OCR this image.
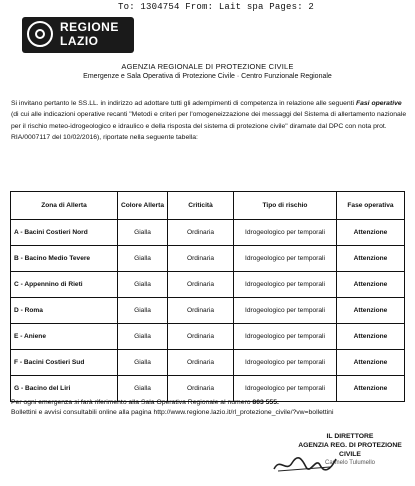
To: 1304754 From: Lait spa Pages: 2
REGIONE
LAZIO
AGENZIA REGIONALE DI PROTEZIONE CIVILE
Emergenze e Sala Operativa di Protezione Civile · Centro Funzionale Regionale
Si invitano pertanto le SS.LL. in indirizzo ad adottare tutti gli adempimenti di competenza in relazione alle seguenti Fasi operative (di cui alle indicazioni operative recanti "Metodi e criteri per l'omogeneizzazione dei messaggi del Sistema di allertamento nazionale per il rischio meteo-idrogeologico e idraulico e della risposta del sistema di protezione civile" diramate dal DPC con nota prot. RIA/0007117 del 10/02/2016), riportate nella seguente tabella:
Zona di Allerta	Colore Allerta	Criticità	Tipo di rischio	Fase operativa
A - Bacini Costieri Nord	Gialla	Ordinaria	Idrogeologico per temporali	Attenzione
B - Bacino Medio Tevere	Gialla	Ordinaria	Idrogeologico per temporali	Attenzione
C - Appennino di Rieti	Gialla	Ordinaria	Idrogeologico per temporali	Attenzione
D - Roma	Gialla	Ordinaria	Idrogeologico per temporali	Attenzione
E - Aniene	Gialla	Ordinaria	Idrogeologico per temporali	Attenzione
F - Bacini Costieri Sud	Gialla	Ordinaria	Idrogeologico per temporali	Attenzione
G - Bacino del Liri	Gialla	Ordinaria	Idrogeologico per temporali	Attenzione
Per ogni emergenza si farà riferimento alla Sala Operativa Regionale al numero 803 555.
Bollettini e avvisi consultabili online alla pagina http://www.regione.lazio.it/rl_protezione_civile/?vw=bollettini
IL DIRETTORE
AGENZIA REG. DI PROTEZIONE CIVILE
Carmelo Tulumello
